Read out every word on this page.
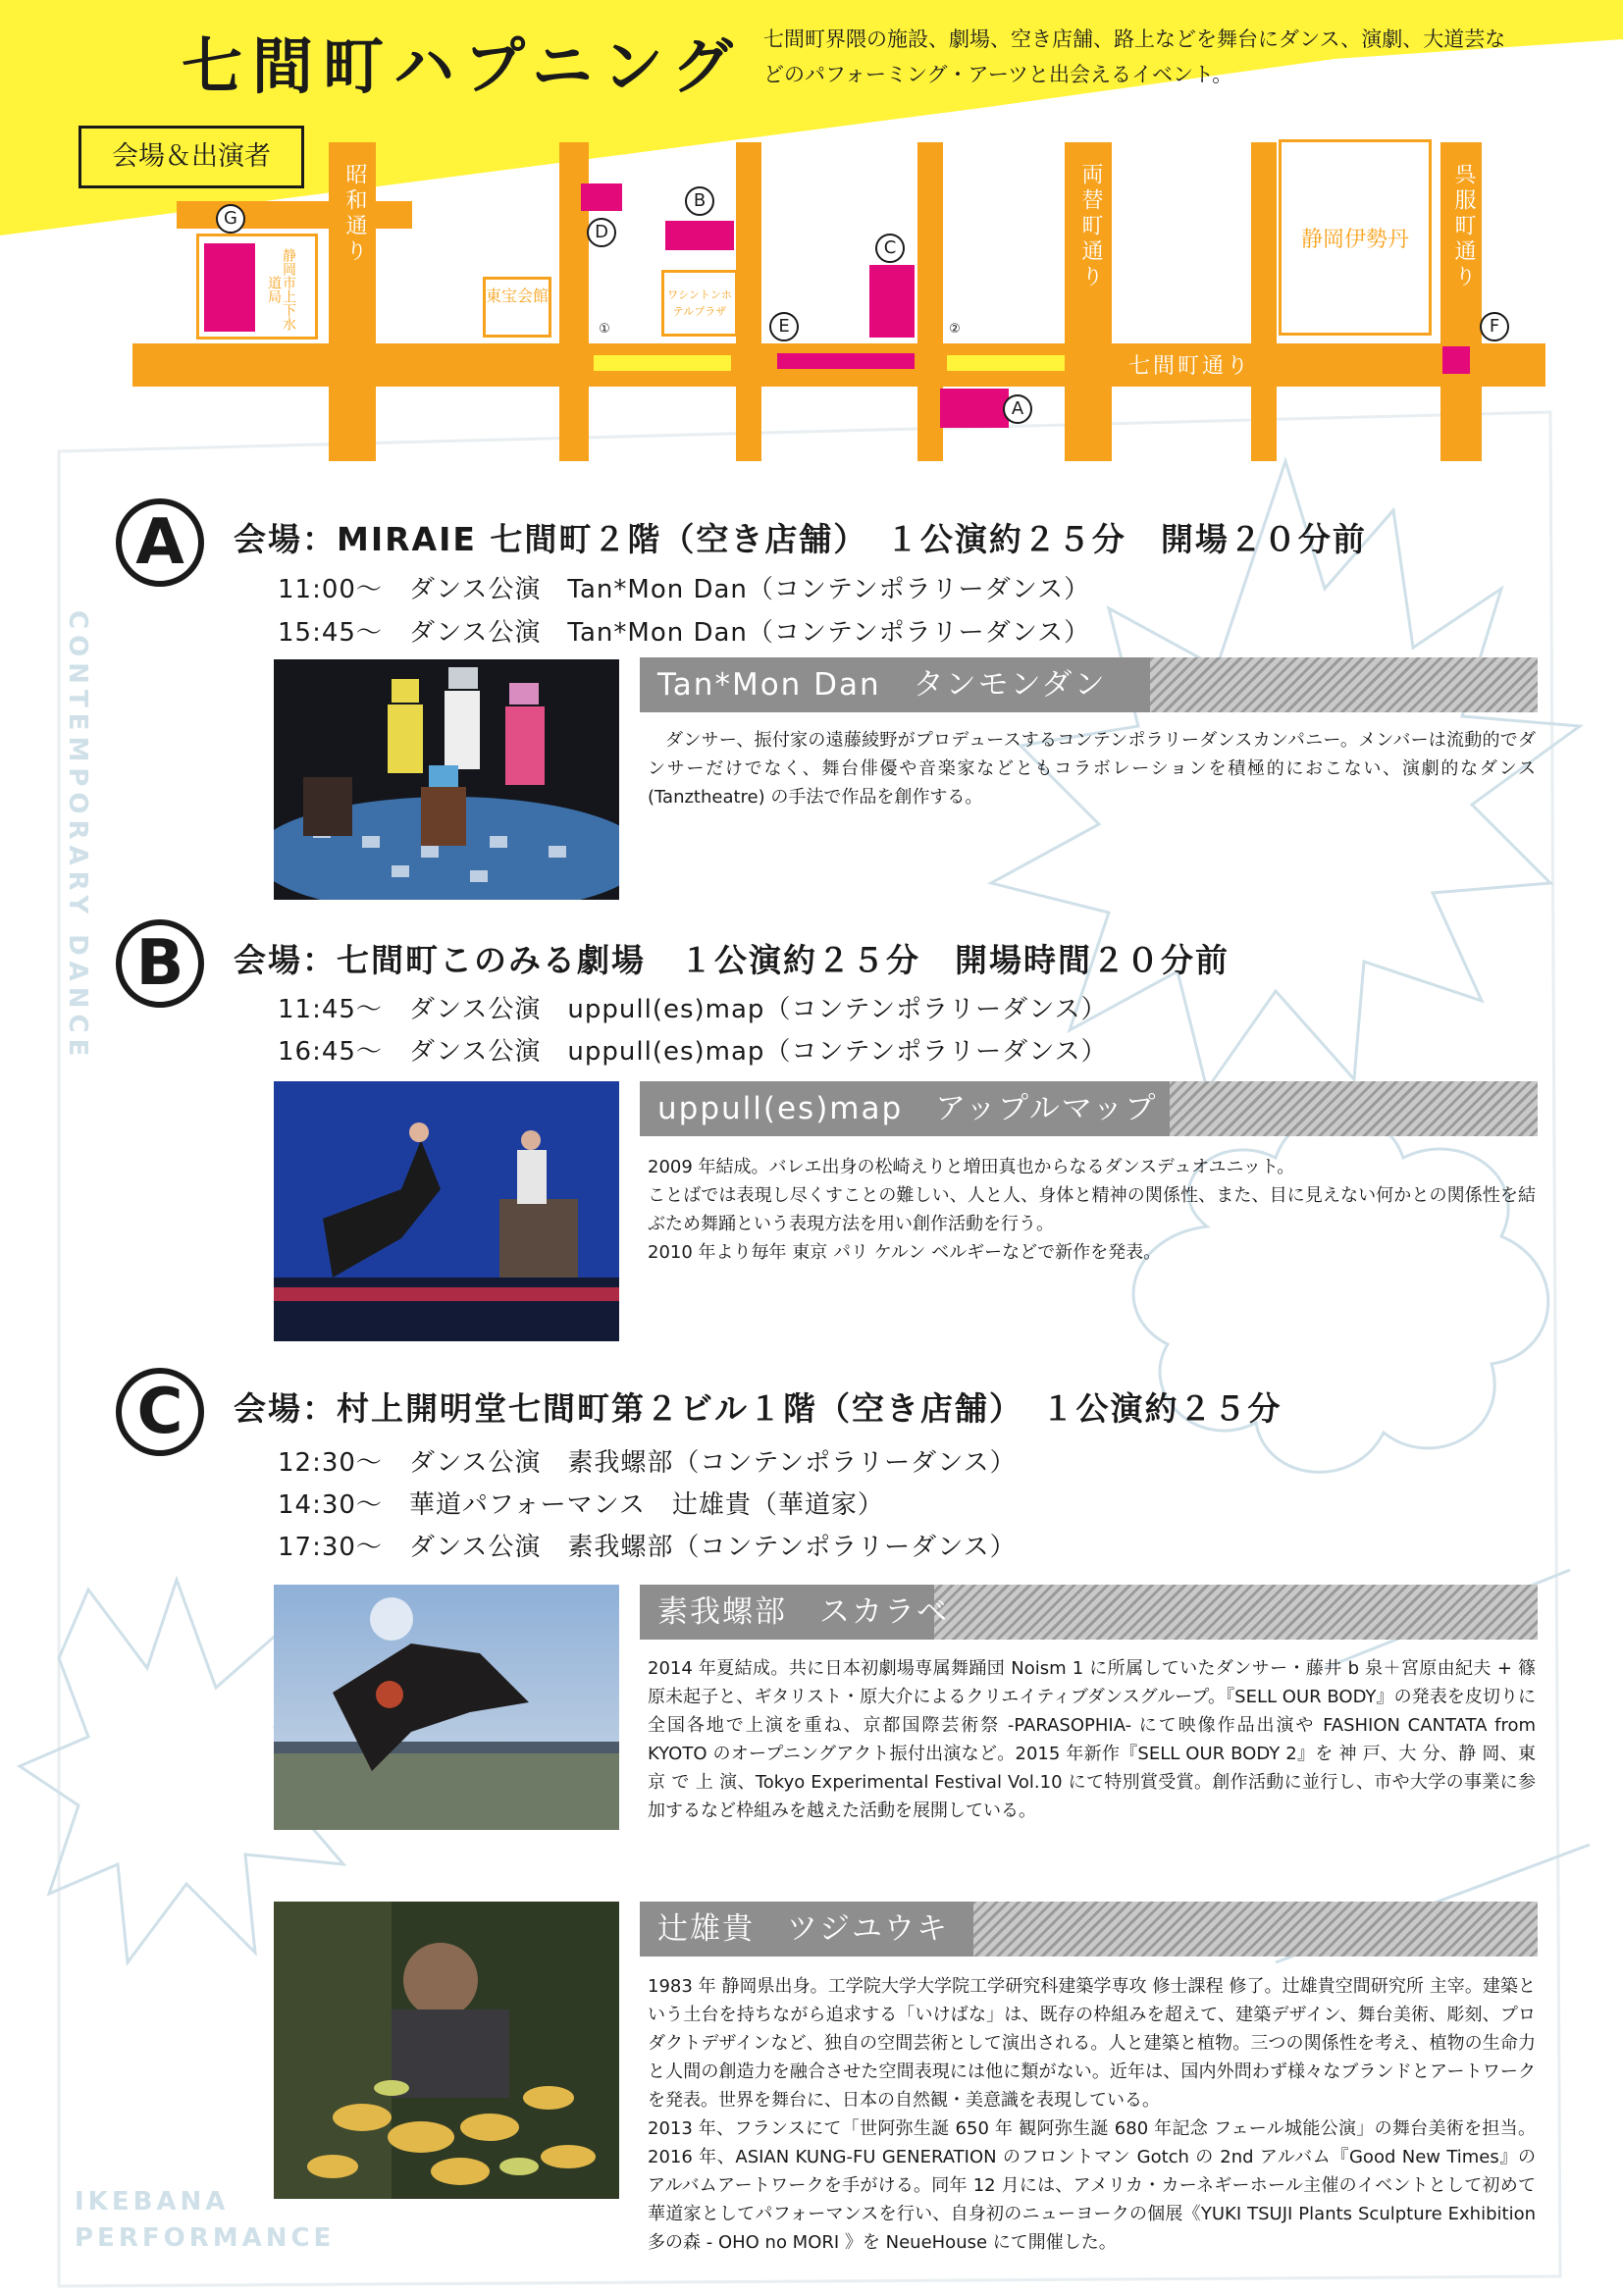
七間町ハプニング 七間町界隈の施設、劇場、空き店舗、路上などを舞台にダンス、演劇、大道芸などのパフォーミング・アーツと出会えるイベント。
会場＆出演者
静岡市上下水道局	東宝会館	ワシントンホテルプラザ
静岡伊勢丹
昭和通り	両替町通り	呉服町通り
七間町通り
G
D
B
C
E
A
F
①	②
CONTEMPORARY DANCE
IKEBANA
PERFORMANCE
A	会場：MIRAIE 七間町２階（空き店舗）　１公演約２５分　開場２０分前
11:00～　ダンス公演　Tan*Mon Dan（コンテンポラリーダンス）
15:45～　ダンス公演　Tan*Mon Dan（コンテンポラリーダンス）
Tan*Mon Dan　タンモンダン

ダンサー、振付家の遠藤綾野がプロデュースするコンテンポラリーダンスカンパニー。メンバーは流動的でダンサーだけでなく、舞台俳優や音楽家などともコラボレーションを積極的におこない、演劇的なダンス (Tanztheatre) の手法で作品を創作する。

B	会場：七間町このみる劇場　１公演約２５分　開場時間２０分前
11:45～　ダンス公演　uppull(es)map（コンテンポラリーダンス）
16:45～　ダンス公演　uppull(es)map（コンテンポラリーダンス）
uppull(es)map　アップルマップ

2009 年結成。バレエ出身の松崎えりと増田真也からなるダンスデュオユニット。

ことばでは表現し尽くすことの難しい、人と人、身体と精神の関係性、また、目に見えない何かとの関係性を結ぶため舞踊という表現方法を用い創作活動を行う。

2010 年より毎年 東京 パリ ケルン ベルギーなどで新作を発表。

C	会場：村上開明堂七間町第２ビル１階（空き店舗）　１公演約２５分
12:30～　ダンス公演　素我螺部（コンテンポラリーダンス）
14:30～　華道パフォーマンス　辻雄貴（華道家）
17:30～　ダンス公演　素我螺部（コンテンポラリーダンス）
素我螺部　スカラベ

2014 年夏結成。共に日本初劇場専属舞踊団 Noism 1 に所属していたダンサー・藤井 b 泉＋宮原由紀夫 + 篠原未起子と、ギタリスト・原大介によるクリエイティブダンスグループ。『SELL OUR BODY』の発表を皮切りに全国各地で上演を重ね、京都国際芸術祭 -PARASOPHIA- にて映像作品出演や FASHION CANTATA from KYOTO のオープニングアクト振付出演など。2015 年新作『SELL OUR BODY 2』を 神 戸、大 分、静 岡、東 京 で 上 演、Tokyo Experimental Festival Vol.10 にて特別賞受賞。創作活動に並行し、市や大学の事業に参加するなど枠組みを越えた活動を展開している。

辻雄貴　ツジユウキ

1983 年 静岡県出身。工学院大学大学院工学研究科建築学専攻 修士課程 修了。辻雄貴空間研究所 主宰。建築という土台を持ちながら追求する「いけばな」は、既存の枠組みを超えて、建築デザイン、舞台美術、彫刻、プロダクトデザインなど、独自の空間芸術として演出される。人と建築と植物。三つの関係性を考え、植物の生命力と人間の創造力を融合させた空間表現には他に類がない。近年は、国内外問わず様々なブランドとアートワークを発表。世界を舞台に、日本の自然観・美意識を表現している。

2013 年、フランスにて「世阿弥生誕 650 年 観阿弥生誕 680 年記念 フェール城能公演」の舞台美術を担当。2016 年、ASIAN KUNG-FU GENERATION のフロントマン Gotch の 2nd アルバム『Good New Times』のアルバムアートワークを手がける。同年 12 月には、アメリカ・カーネギーホール主催のイベントとして初めて華道家としてパフォーマンスを行い、自身初のニューヨークの個展《YUKI TSUJI Plants Sculpture Exhibition　多の森 - OHO no MORI 》を NeueHouse にて開催した。
